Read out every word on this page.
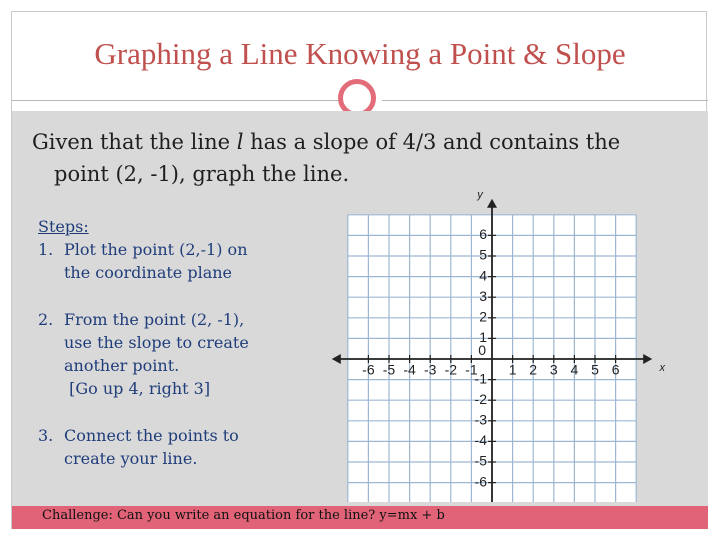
Graphing a Line Knowing a Point & Slope
Given that the line l has a slope of 4/3 and contains the
point (2, -1), graph the line.
Steps:
1. Plot the point (2,-1) on
the coordinate plane
2. From the point (2, -1),
use the slope to create
another point.
[Go up 4, right 3]
3. Connect the points to
create your line.
-6 -5 -4 -3 -2 -1 1 2 3 4 5 6
6
5
4
3
2
1
-1
-2
-3
-4
-5
-6
0
x
y
Challenge: Can you write an equation for the line? y=mx + b
